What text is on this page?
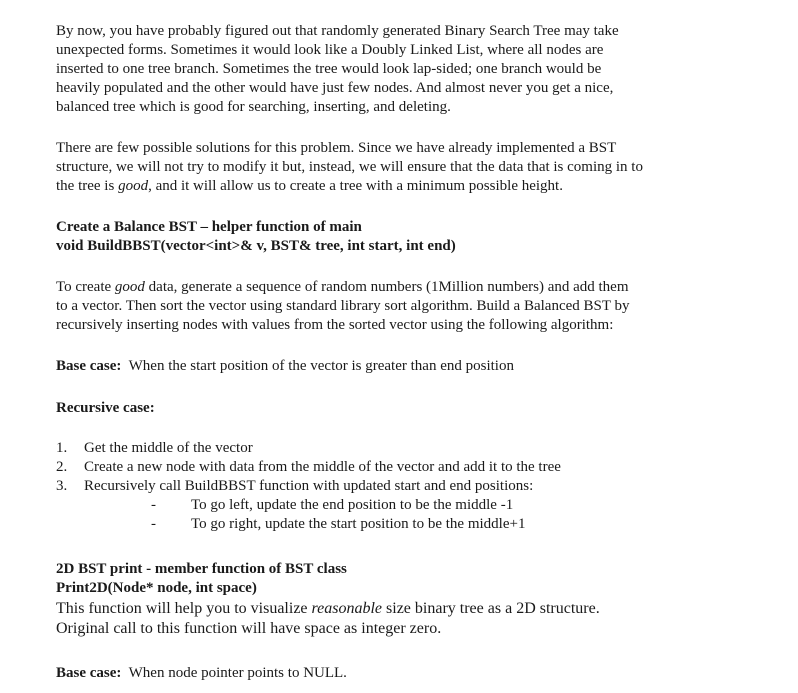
By now, you have probably figured out that randomly generated Binary Search Tree may take
unexpected forms. Sometimes it would look like a Doubly Linked List, where all nodes are
inserted to one tree branch. Sometimes the tree would look lap-sided; one branch would be
heavily populated and the other would have just few nodes. And almost never you get a nice,
balanced tree which is good for searching, inserting, and deleting.
There are few possible solutions for this problem. Since we have already implemented a BST
structure, we will not try to modify it but, instead, we will ensure that the data that is coming in to
the tree is good, and it will allow us to create a tree with a minimum possible height.
Create a Balance BST – helper function of main
void BuildBBST(vector<int>& v, BST& tree, int start, int end)
To create good data, generate a sequence of random numbers (1Million numbers) and add them
to a vector. Then sort the vector using standard library sort algorithm. Build a Balanced BST by
recursively inserting nodes with values from the sorted vector using the following algorithm:
Base case: When the start position of the vector is greater than end position
Recursive case:
1. Get the middle of the vector
2. Create a new node with data from the middle of the vector and add it to the tree
3. Recursively call BuildBBST function with updated start and end positions:
- To go left, update the end position to be the middle -1
- To go right, update the start position to be the middle+1
2D BST print - member function of BST class
Print2D(Node* node, int space)
This function will help you to visualize reasonable size binary tree as a 2D structure.
Original call to this function will have space as integer zero.
Base case: When node pointer points to NULL.
